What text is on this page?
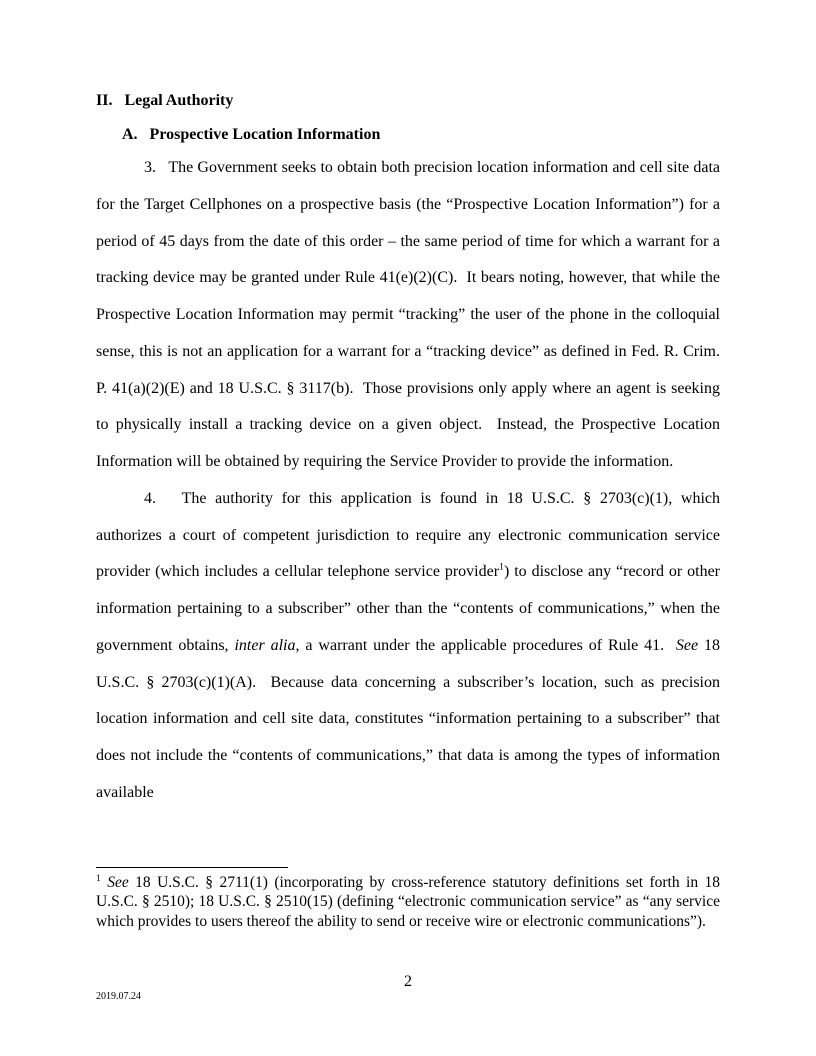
II.   Legal Authority
A.   Prospective Location Information

3.   The Government seeks to obtain both precision location information and cell site data for the Target Cellphones on a prospective basis (the “Prospective Location Information”) for a period of 45 days from the date of this order – the same period of time for which a warrant for a tracking device may be granted under Rule 41(e)(2)(C).  It bears noting, however, that while the Prospective Location Information may permit “tracking” the user of the phone in the colloquial sense, this is not an application for a warrant for a “tracking device” as defined in Fed. R. Crim. P. 41(a)(2)(E) and 18 U.S.C. § 3117(b).  Those provisions only apply where an agent is seeking to physically install a tracking device on a given object.  Instead, the Prospective Location Information will be obtained by requiring the Service Provider to provide the information.

4.   The authority for this application is found in 18 U.S.C. § 2703(c)(1), which authorizes a court of competent jurisdiction to require any electronic communication service provider (which includes a cellular telephone service provider$^1$) to disclose any “record or other information pertaining to a subscriber” other than the “contents of communications,” when the government obtains, inter alia, a warrant under the applicable procedures of Rule 41.  See 18 U.S.C. § 2703(c)(1)(A).  Because data concerning a subscriber’s location, such as precision location information and cell site data, constitutes “information pertaining to a subscriber” that does not include the “contents of communications,” that data is among the types of information available

$^1$ See 18 U.S.C. § 2711(1) (incorporating by cross-reference statutory definitions set forth in 18 U.S.C. § 2510); 18 U.S.C. § 2510(15) (defining “electronic communication service” as “any service which provides to users thereof the ability to send or receive wire or electronic communications”).
2
2019.07.24
